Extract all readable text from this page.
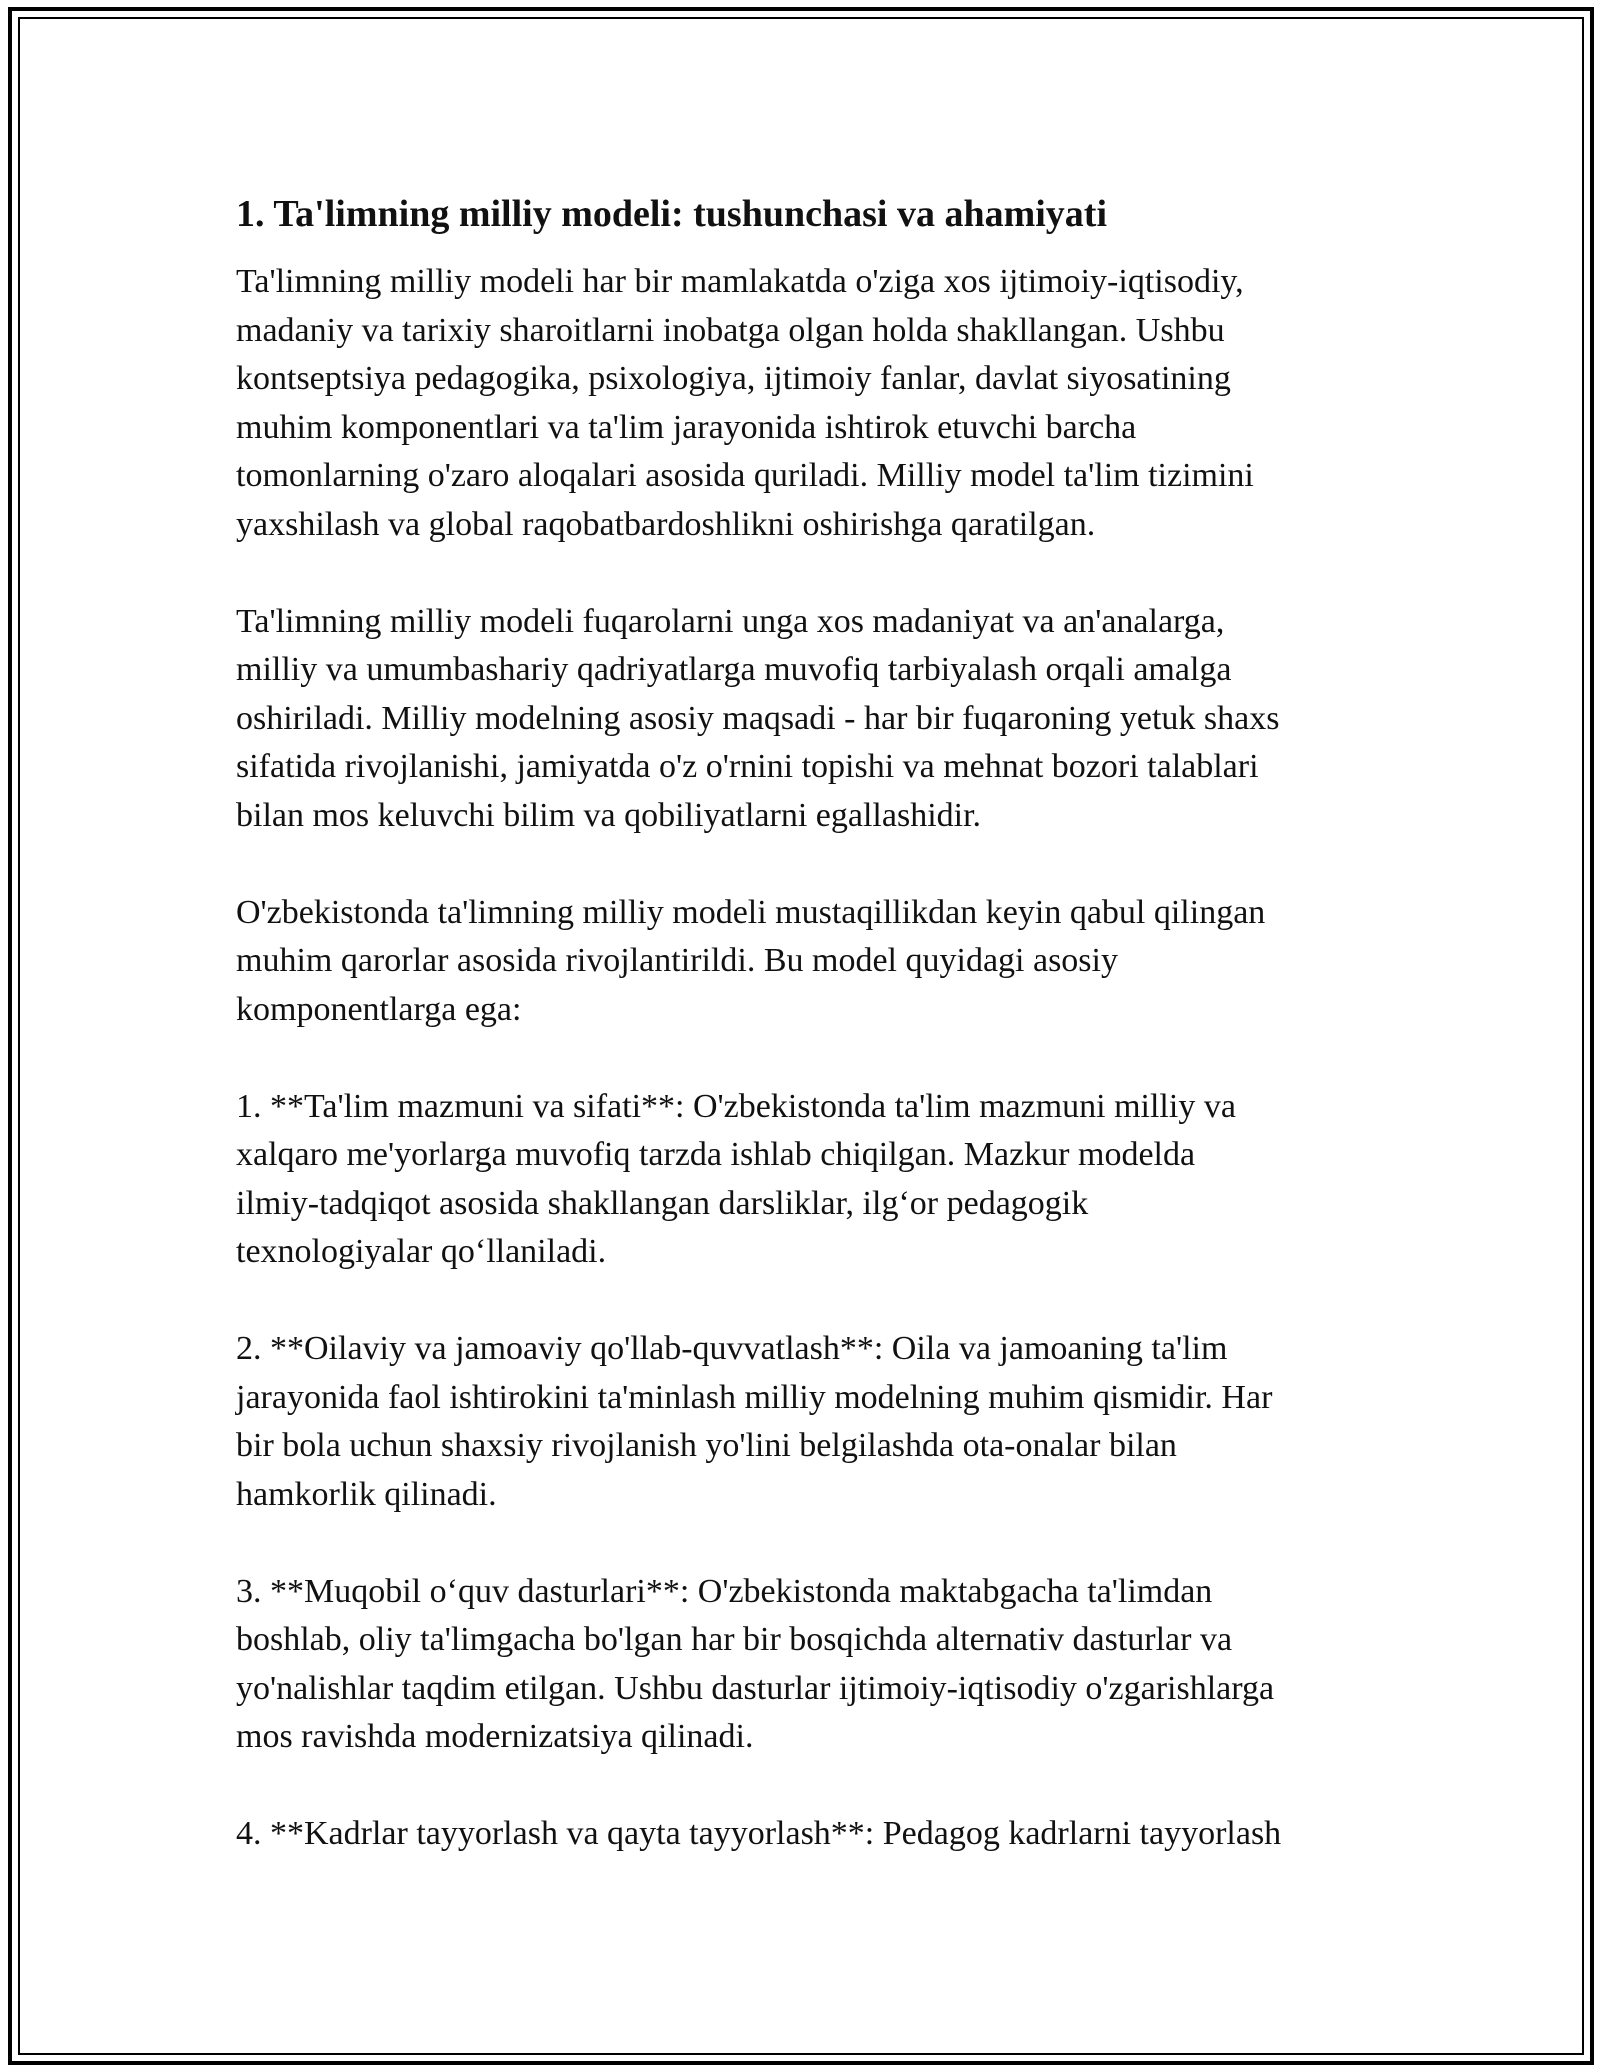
1. Ta'limning milliy modeli: tushunchasi va ahamiyati

Ta'limning milliy modeli har bir mamlakatda o'ziga xos ijtimoiy-iqtisodiy,
madaniy va tarixiy sharoitlarni inobatga olgan holda shakllangan. Ushbu
kontseptsiya pedagogika, psixologiya, ijtimoiy fanlar, davlat siyosatining
muhim komponentlari va ta'lim jarayonida ishtirok etuvchi barcha
tomonlarning o'zaro aloqalari asosida quriladi. Milliy model ta'lim tizimini
yaxshilash va global raqobatbardoshlikni oshirishga qaratilgan.

Ta'limning milliy modeli fuqarolarni unga xos madaniyat va an'analarga,
milliy va umumbashariy qadriyatlarga muvofiq tarbiyalash orqali amalga
oshiriladi. Milliy modelning asosiy maqsadi - har bir fuqaroning yetuk shaxs
sifatida rivojlanishi, jamiyatda o'z o'rnini topishi va mehnat bozori talablari
bilan mos keluvchi bilim va qobiliyatlarni egallashidir.

O'zbekistonda ta'limning milliy modeli mustaqillikdan keyin qabul qilingan
muhim qarorlar asosida rivojlantirildi. Bu model quyidagi asosiy
komponentlarga ega:

1. **Ta'lim mazmuni va sifati**: O'zbekistonda ta'lim mazmuni milliy va
xalqaro me'yorlarga muvofiq tarzda ishlab chiqilgan. Mazkur modelda
ilmiy-tadqiqot asosida shakllangan darsliklar, ilg‘or pedagogik
texnologiyalar qo‘llaniladi.

2. **Oilaviy va jamoaviy qo'llab-quvvatlash**: Oila va jamoaning ta'lim
jarayonida faol ishtirokini ta'minlash milliy modelning muhim qismidir. Har
bir bola uchun shaxsiy rivojlanish yo'lini belgilashda ota-onalar bilan
hamkorlik qilinadi.

3. **Muqobil o‘quv dasturlari**: O'zbekistonda maktabgacha ta'limdan
boshlab, oliy ta'limgacha bo'lgan har bir bosqichda alternativ dasturlar va
yo'nalishlar taqdim etilgan. Ushbu dasturlar ijtimoiy-iqtisodiy o'zgarishlarga
mos ravishda modernizatsiya qilinadi.

4. **Kadrlar tayyorlash va qayta tayyorlash**: Pedagog kadrlarni tayyorlash
